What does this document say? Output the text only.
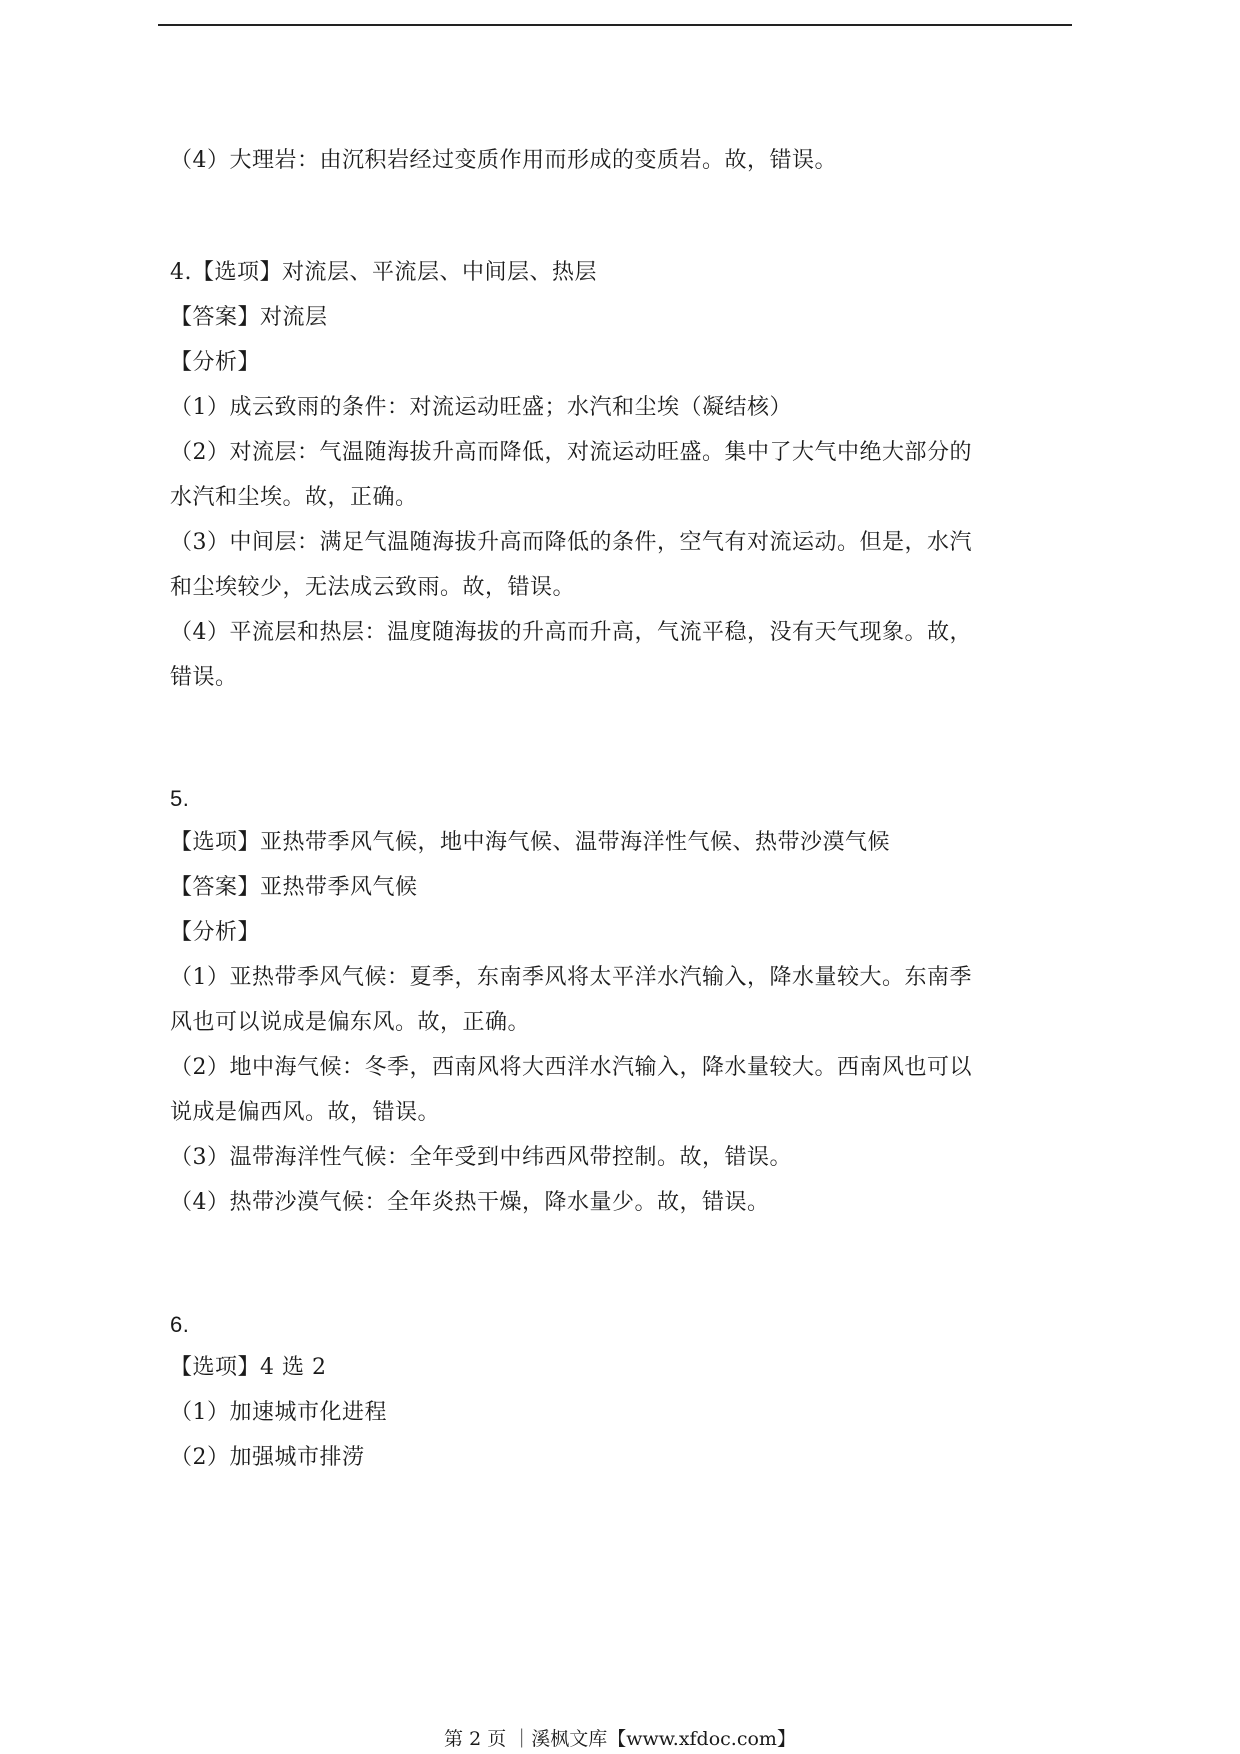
（4）大理岩：由沉积岩经过变质作用而形成的变质岩。故，错误。
4.【选项】对流层、平流层、中间层、热层
【答案】对流层
【分析】
（1）成云致雨的条件：对流运动旺盛；水汽和尘埃（凝结核）
（2）对流层：气温随海拔升高而降低，对流运动旺盛。集中了大气中绝大部分的
水汽和尘埃。故，正确。
（3）中间层：满足气温随海拔升高而降低的条件，空气有对流运动。但是，水汽
和尘埃较少，无法成云致雨。故，错误。
（4）平流层和热层：温度随海拔的升高而升高，气流平稳，没有天气现象。故，
错误。
5.
【选项】亚热带季风气候，地中海气候、温带海洋性气候、热带沙漠气候
【答案】亚热带季风气候
【分析】
（1）亚热带季风气候：夏季，东南季风将太平洋水汽输入，降水量较大。东南季
风也可以说成是偏东风。故，正确。
（2）地中海气候：冬季，西南风将大西洋水汽输入，降水量较大。西南风也可以
说成是偏西风。故，错误。
（3）温带海洋性气候：全年受到中纬西风带控制。故，错误。
（4）热带沙漠气候：全年炎热干燥，降水量少。故，错误。
6.
【选项】4 选 2
（1）加速城市化进程
（2）加强城市排涝
第 2 页 ｜溪枫文库【www.xfdoc.com】
